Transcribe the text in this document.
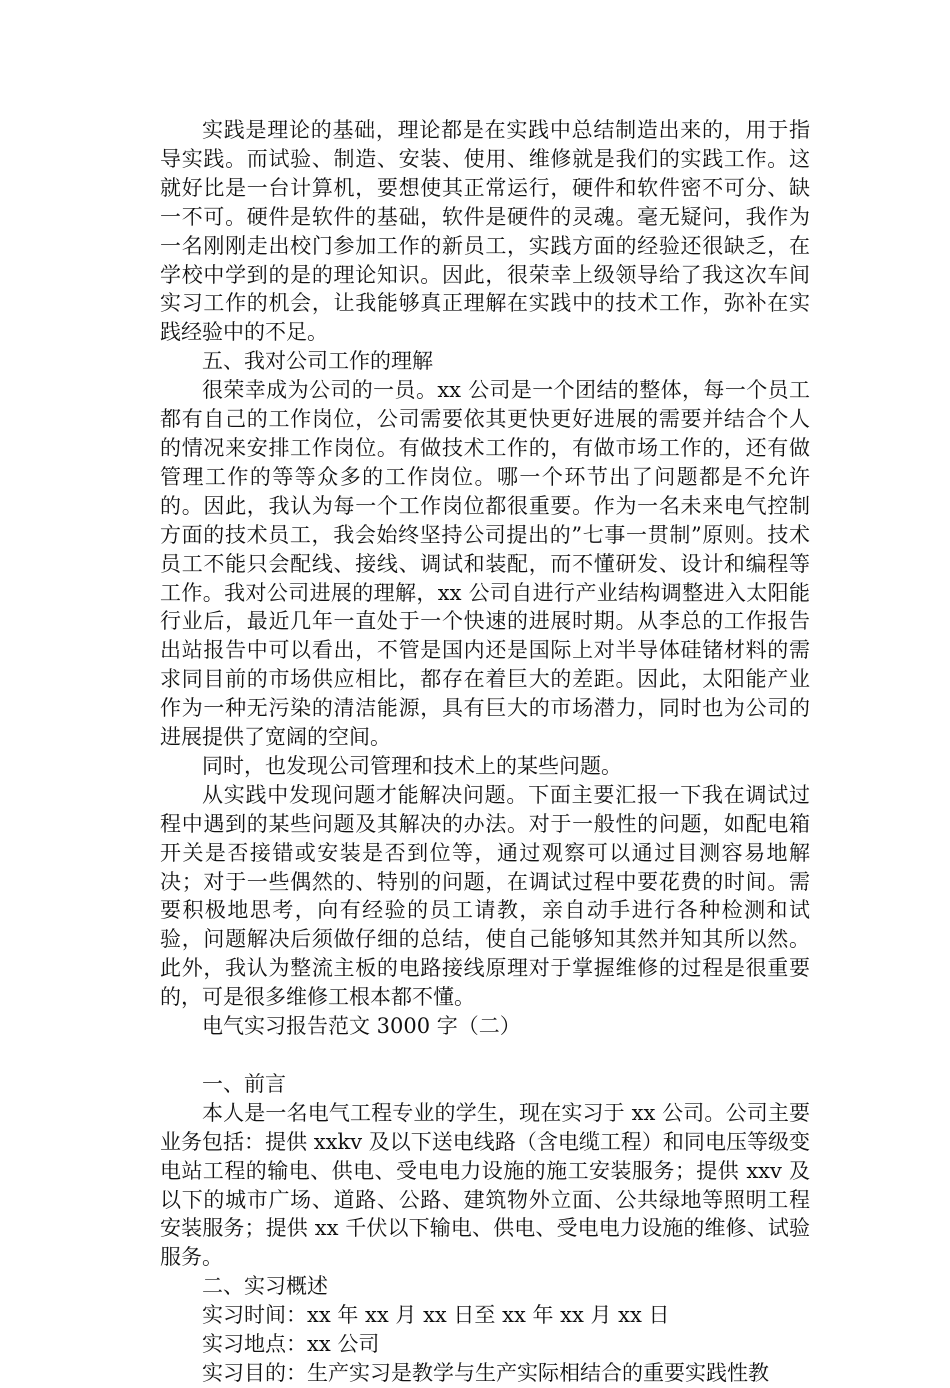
实践是理论的基础，理论都是在实践中总结制造出来的，用于指导实践。而试验、制造、安装、使用、维修就是我们的实践工作。这就好比是一台计算机，要想使其正常运行，硬件和软件密不可分、缺一不可。硬件是软件的基础，软件是硬件的灵魂。毫无疑问，我作为一名刚刚走出校门参加工作的新员工，实践方面的经验还很缺乏，在学校中学到的是的理论知识。因此，很荣幸上级领导给了我这次车间实习工作的机会，让我能够真正理解在实践中的技术工作，弥补在实践经验中的不足。

五、我对公司工作的理解

很荣幸成为公司的一员。xx 公司是一个团结的整体，每一个员工都有自己的工作岗位，公司需要依其更快更好进展的需要并结合个人的情况来安排工作岗位。有做技术工作的，有做市场工作的，还有做管理工作的等等众多的工作岗位。哪一个环节出了问题都是不允许的。因此，我认为每一个工作岗位都很重要。作为一名未来电气控制方面的技术员工，我会始终坚持公司提出的”七事一贯制”原则。技术员工不能只会配线、接线、调试和装配，而不懂研发、设计和编程等工作。我对公司进展的理解，xx 公司自进行产业结构调整进入太阳能行业后，最近几年一直处于一个快速的进展时期。从李总的工作报告出站报告中可以看出，不管是国内还是国际上对半导体硅锗材料的需求同目前的市场供应相比，都存在着巨大的差距。因此，太阳能产业作为一种无污染的清洁能源，具有巨大的市场潜力，同时也为公司的进展提供了宽阔的空间。

同时，也发现公司管理和技术上的某些问题。

从实践中发现问题才能解决问题。下面主要汇报一下我在调试过程中遇到的某些问题及其解决的办法。对于一般性的问题，如配电箱开关是否接错或安装是否到位等，通过观察可以通过目测容易地解决；对于一些偶然的、特别的问题，在调试过程中要花费的时间。需要积极地思考，向有经验的员工请教，亲自动手进行各种检测和试验，问题解决后须做仔细的总结，使自己能够知其然并知其所以然。此外，我认为整流主板的电路接线原理对于掌握维修的过程是很重要的，可是很多维修工根本都不懂。

电气实习报告范文 3000 字（二）

一、前言

本人是一名电气工程专业的学生，现在实习于 xx 公司。公司主要业务包括：提供 xxkv 及以下送电线路（含电缆工程）和同电压等级变电站工程的输电、供电、受电电力设施的施工安装服务；提供 xxv 及以下的城市广场、道路、公路、建筑物外立面、公共绿地等照明工程安装服务；提供 xx 千伏以下输电、供电、受电电力设施的维修、试验服务。

二、实习概述

实习时间：xx 年 xx 月 xx 日至 xx 年 xx 月 xx 日

实习地点：xx 公司

实习目的：生产实习是教学与生产实际相结合的重要实践性教
